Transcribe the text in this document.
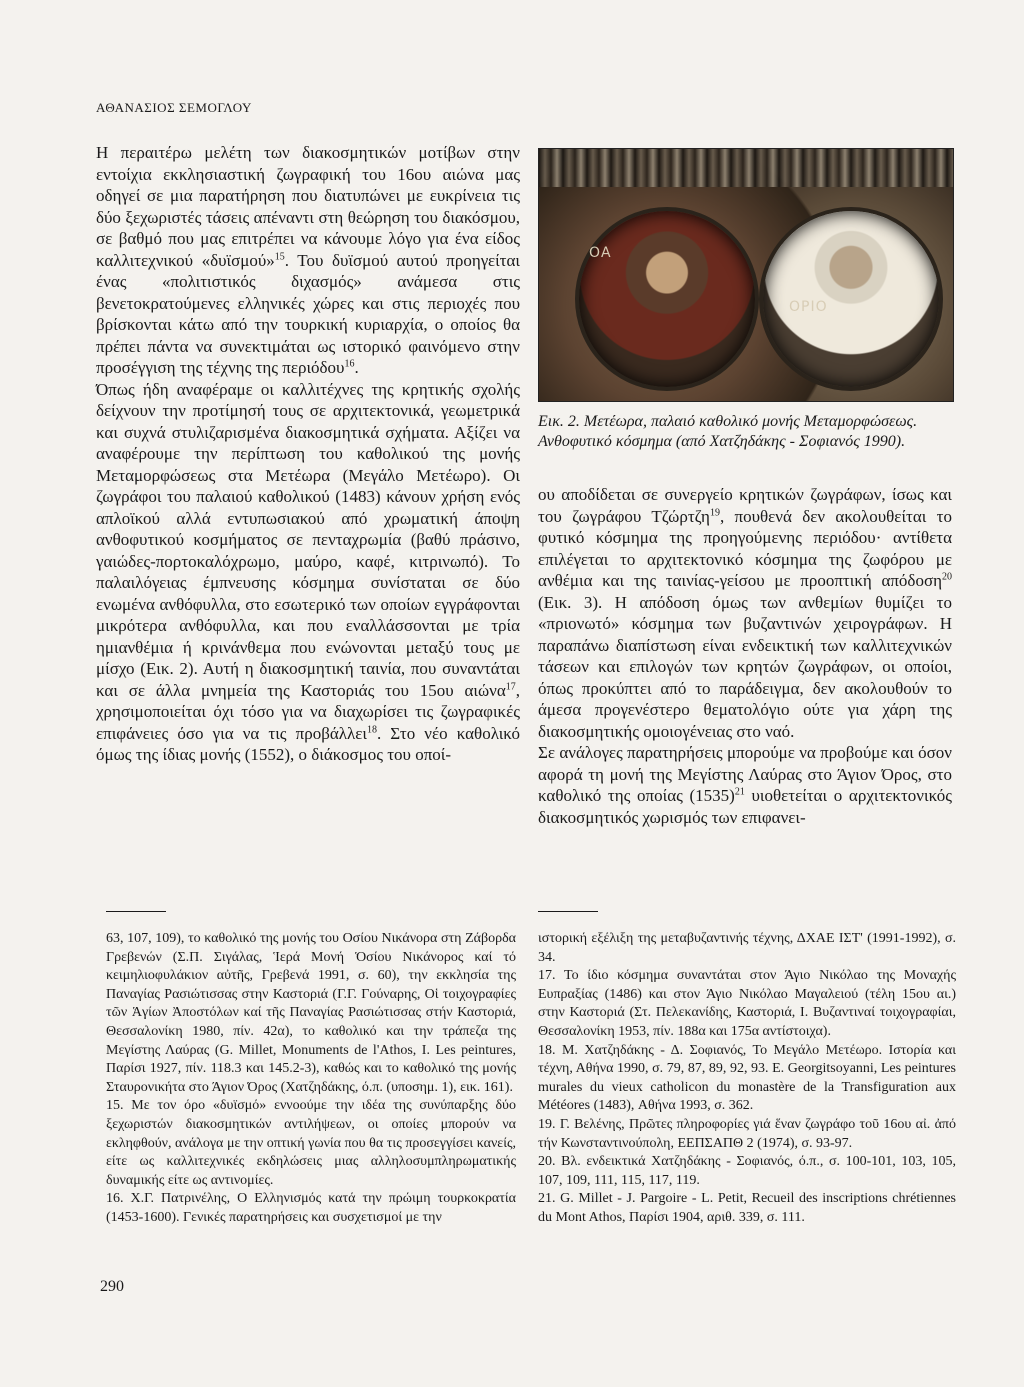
ΑΘΑΝΑΣΙΟΣ ΣΕΜΟΓΛΟΥ

Η περαιτέρω μελέτη των διακοσμητικών μοτίβων στην εντοίχια εκκλησιαστική ζωγραφική του 16ου αιώνα μας οδηγεί σε μια παρατήρηση που διατυπώνει με ευκρίνεια τις δύο ξεχωριστές τάσεις απέναντι στη θεώρηση του διακόσμου, σε βαθμό που μας επιτρέπει να κάνουμε λόγο για ένα είδος καλλιτεχνικού «δυϊσμού»$^{15}$. Του δυϊσμού αυτού προηγείται ένας «πολιτιστικός διχασμός» ανάμεσα στις βενετοκρατούμενες ελληνικές χώρες και στις περιοχές που βρίσκονται κάτω από την τουρκική κυριαρχία, ο οποίος θα πρέπει πάντα να συνεκτιμάται ως ιστορικό φαινόμενο στην προσέγγιση της τέχνης της περιόδου$^{16}$.

Όπως ήδη αναφέραμε οι καλλιτέχνες της κρητικής σχολής δείχνουν την προτίμησή τους σε αρχιτεκτονικά, γεωμετρικά και συχνά στυλιζαρισμένα διακοσμητικά σχήματα. Αξίζει να αναφέρουμε την περίπτωση του καθολικού της μονής Μεταμορφώσεως στα Μετέωρα (Μεγάλο Μετέωρο). Οι ζωγράφοι του παλαιού καθολικού (1483) κάνουν χρήση ενός απλοϊκού αλλά εντυπωσιακού από χρωματική άποψη ανθοφυτικού κοσμήματος σε πενταχρωμία (βαθύ πράσινο, γαιώδες-πορτοκαλόχρωμο, μαύρο, καφέ, κιτρινωπό). Το παλαιλόγειας έμπνευσης κόσμημα συνίσταται σε δύο ενωμένα ανθόφυλλα, στο εσωτερικό των οποίων εγγράφονται μικρότερα ανθόφυλλα, και που εναλλάσσονται με τρία ημιανθέμια ή κρινάνθεμα που ενώνονται μεταξύ τους με μίσχο (Εικ. 2). Αυτή η διακοσμητική ταινία, που συναντάται και σε άλλα μνημεία της Καστοριάς του 15ου αιώνα$^{17}$, χρησιμοποιείται όχι τόσο για να διαχωρίσει τις ζωγραφικές επιφάνειες όσο για να τις προβάλλει$^{18}$. Στο νέο καθολικό όμως της ίδιας μονής (1552), ο διάκοσμος του οποί-

ΟΑ
ΟΡΙΟ
Εικ. 2. Μετέωρα, παλαιό καθολικό μονής Μεταμορφώσεως.
Ανθοφυτικό κόσμημα (από Χατζηδάκης - Σοφιανός 1990).

ου αποδίδεται σε συνεργείο κρητικών ζωγράφων, ίσως και του ζωγράφου Τζώρτζη$^{19}$, πουθενά δεν ακολουθείται το φυτικό κόσμημα της προηγούμενης περιόδου· αντίθετα επιλέγεται το αρχιτεκτονικό κόσμημα της ζωφόρου με ανθέμια και της ταινίας-γείσου με προοπτική απόδοση$^{20}$ (Εικ. 3). Η απόδοση όμως των ανθεμίων θυμίζει το «πριονωτό» κόσμημα των βυζαντινών χειρογράφων. Η παραπάνω διαπίστωση είναι ενδεικτική των καλλιτεχνικών τάσεων και επιλογών των κρητών ζωγράφων, οι οποίοι, όπως προκύπτει από το παράδειγμα, δεν ακολουθούν το άμεσα προγενέστερο θεματολόγιο ούτε για χάρη της διακοσμητικής ομοιογένειας στο ναό.

Σε ανάλογες παρατηρήσεις μπορούμε να προβούμε και όσον αφορά τη μονή της Μεγίστης Λαύρας στο Άγιον Όρος, στο καθολικό της οποίας $(1535)^{21}$ υιοθετείται ο αρχιτεκτονικός διακοσμητικός χωρισμός των επιφανει-

63, 107, 109), το καθολικό της μονής του Οσίου Νικάνορα στη Ζάβορδα Γρεβενών (Σ.Π. Σιγάλας, Ἱερά Μονή Ὁσίου Νικάνορος καί τό κειμηλιοφυλάκιον αὐτῆς, Γρεβενά 1991, σ. 60), την εκκλησία της Παναγίας Ρασιώτισσας στην Καστοριά (Γ.Γ. Γούναρης, Οἱ τοιχογραφίες τῶν Ἁγίων Ἀποστόλων καί τῆς Παναγίας Ρασιώτισσας στήν Καστοριά, Θεσσαλονίκη 1980, πίν. 42α), το καθολικό και την τράπεζα της Μεγίστης Λαύρας (G. Millet, Monuments de l'Athos, I. Les peintures, Παρίσι 1927, πίν. 118.3 και 145.2-3), καθώς και το καθολικό της μονής Σταυρονικήτα στο Άγιον Όρος (Χατζηδάκης, ό.π. (υποσημ. 1), εικ. 161).

15. Με τον όρο «δυϊσμό» εννοούμε την ιδέα της συνύπαρξης δύο ξεχωριστών διακοσμητικών αντιλήψεων, οι οποίες μπορούν να εκληφθούν, ανάλογα με την οπτική γωνία που θα τις προσεγγίσει κανείς, είτε ως καλλιτεχνικές εκδηλώσεις μιας αλληλοσυμπληρωματικής δυναμικής είτε ως αντινομίες.

16. Χ.Γ. Πατρινέλης, Ο Ελληνισμός κατά την πρώιμη τουρκοκρατία (1453-1600). Γενικές παρατηρήσεις και συσχετισμοί με την

ιστορική εξέλιξη της μεταβυζαντινής τέχνης, ΔΧΑΕ ΙΣΤ' (1991-1992), σ. 34.

17. Το ίδιο κόσμημα συναντάται στον Άγιο Νικόλαο της Μοναχής Ευπραξίας (1486) και στον Άγιο Νικόλαο Μαγαλειού (τέλη 15ου αι.) στην Καστοριά (Στ. Πελεκανίδης, Καστοριά, I. Βυζαντιναί τοιχογραφίαι, Θεσσαλονίκη 1953, πίν. 188α και 175α αντίστοιχα).

18. Μ. Χατζηδάκης - Δ. Σοφιανός, Το Μεγάλο Μετέωρο. Ιστορία και τέχνη, Αθήνα 1990, σ. 79, 87, 89, 92, 93. E. Georgitsoyanni, Les peintures murales du vieux catholicon du monastère de la Transfiguration aux Météores (1483), Αθήνα 1993, σ. 362.

19. Γ. Βελένης, Πρῶτες πληροφορίες γιά ἕναν ζωγράφο τοῦ 16ου αἰ. ἀπό τήν Κωνσταντινούπολη, ΕΕΠΣΑΠΘ 2 (1974), σ. 93-97.

20. Βλ. ενδεικτικά Χατζηδάκης - Σοφιανός, ό.π., σ. 100-101, 103, 105, 107, 109, 111, 115, 117, 119.

21. G. Millet - J. Pargoire - L. Petit, Recueil des inscriptions chrétiennes du Mont Athos, Παρίσι 1904, αριθ. 339, σ. 111.

290
